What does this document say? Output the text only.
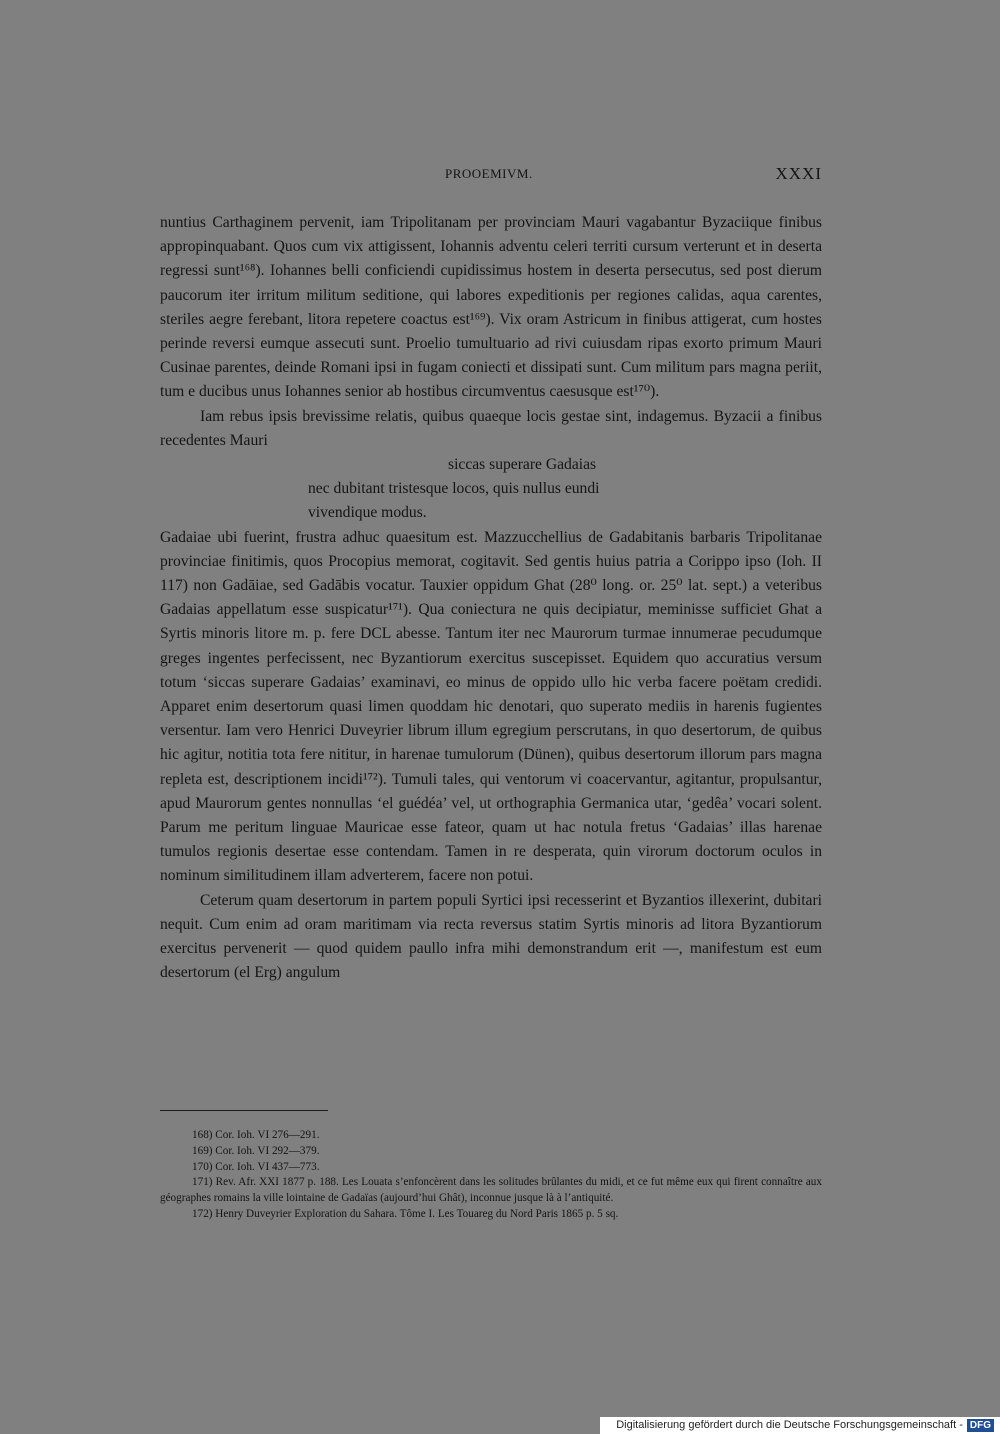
PROOEMIVM.	XXXI

nuntius Carthaginem pervenit, iam Tripolitanam per provinciam Mauri vagabantur Byzaciique finibus appropinquabant. Quos cum vix attigissent, Iohannis adventu celeri territi cursum verterunt et in deserta regressi sunt¹⁶⁸). Iohannes belli conficiendi cupidissimus hostem in deserta persecutus, sed post dierum paucorum iter irritum militum seditione, qui labores expeditionis per regiones calidas, aqua carentes, steriles aegre ferebant, litora repetere coactus est¹⁶⁹). Vix oram Astricum in finibus attigerat, cum hostes perinde reversi eumque assecuti sunt. Proelio tumultuario ad rivi cuiusdam ripas exorto primum Mauri Cusinae parentes, deinde Romani ipsi in fugam coniecti et dissipati sunt. Cum militum pars magna periit, tum e ducibus unus Iohannes senior ab hostibus circumventus caesusque est¹⁷⁰).

Iam rebus ipsis brevissime relatis, quibus quaeque locis gestae sint, indagemus. Byzacii a finibus recedentes Mauri

siccas superare Gadaias
nec dubitant tristesque locos, quis nullus eundi
vivendique modus.

Gadaiae ubi fuerint, frustra adhuc quaesitum est. Mazzucchellius de Gadabitanis barbaris Tripolitanae provinciae finitimis, quos Procopius memorat, cogitavit. Sed gentis huius patria a Corippo ipso (Ioh. II 117) non Gadāiae, sed Gadābis vocatur. Tauxier oppidum Ghat (28⁰ long. or. 25⁰ lat. sept.) a veteribus Gadaias appellatum esse suspicatur¹⁷¹). Qua coniectura ne quis decipiatur, meminisse sufficiet Ghat a Syrtis minoris litore m. p. fere DCL abesse. Tantum iter nec Maurorum turmae innumerae pecudumque greges ingentes perfecissent, nec Byzantiorum exercitus suscepisset. Equidem quo accuratius versum totum ‘siccas superare Gadaias’ examinavi, eo minus de oppido ullo hic verba facere poëtam credidi. Apparet enim desertorum quasi limen quoddam hic denotari, quo superato mediis in harenis fugientes versentur. Iam vero Henrici Duveyrier librum illum egregium perscrutans, in quo desertorum, de quibus hic agitur, notitia tota fere nititur, in harenae tumulorum (Dünen), quibus desertorum illorum pars magna repleta est, descriptionem incidi¹⁷²). Tumuli tales, qui ventorum vi coacervantur, agitantur, propulsantur, apud Maurorum gentes nonnullas ‘el guédéa’ vel, ut orthographia Germanica utar, ‘gedêa’ vocari solent. Parum me peritum linguae Mauricae esse fateor, quam ut hac notula fretus ‘Gadaias’ illas harenae tumulos regionis desertae esse contendam. Tamen in re desperata, quin virorum doctorum oculos in nominum similitudinem illam adverterem, facere non potui.

Ceterum quam desertorum in partem populi Syrtici ipsi recesserint et Byzantios illexerint, dubitari nequit. Cum enim ad oram maritimam via recta reversus statim Syrtis minoris ad litora Byzantiorum exercitus pervenerit — quod quidem paullo infra mihi demonstrandum erit —, manifestum est eum desertorum (el Erg) angulum

168) Cor. Ioh. VI 276—291.

169) Cor. Ioh. VI 292—379.

170) Cor. Ioh. VI 437—773.

171) Rev. Afr. XXI 1877 p. 188. Les Louata s’enfoncèrent dans les solitudes brûlantes du midi, et ce fut même eux qui firent connaître aux géographes romains la ville lointaine de Gadaïas (aujourd’hui Ghât), inconnue jusque là à l’antiquité.

172) Henry Duveyrier Exploration du Sahara. Tôme I. Les Touareg du Nord Paris 1865 p. 5 sq.

Digitalisierung gefördert durch die Deutsche Forschungsgemeinschaft - DFG
